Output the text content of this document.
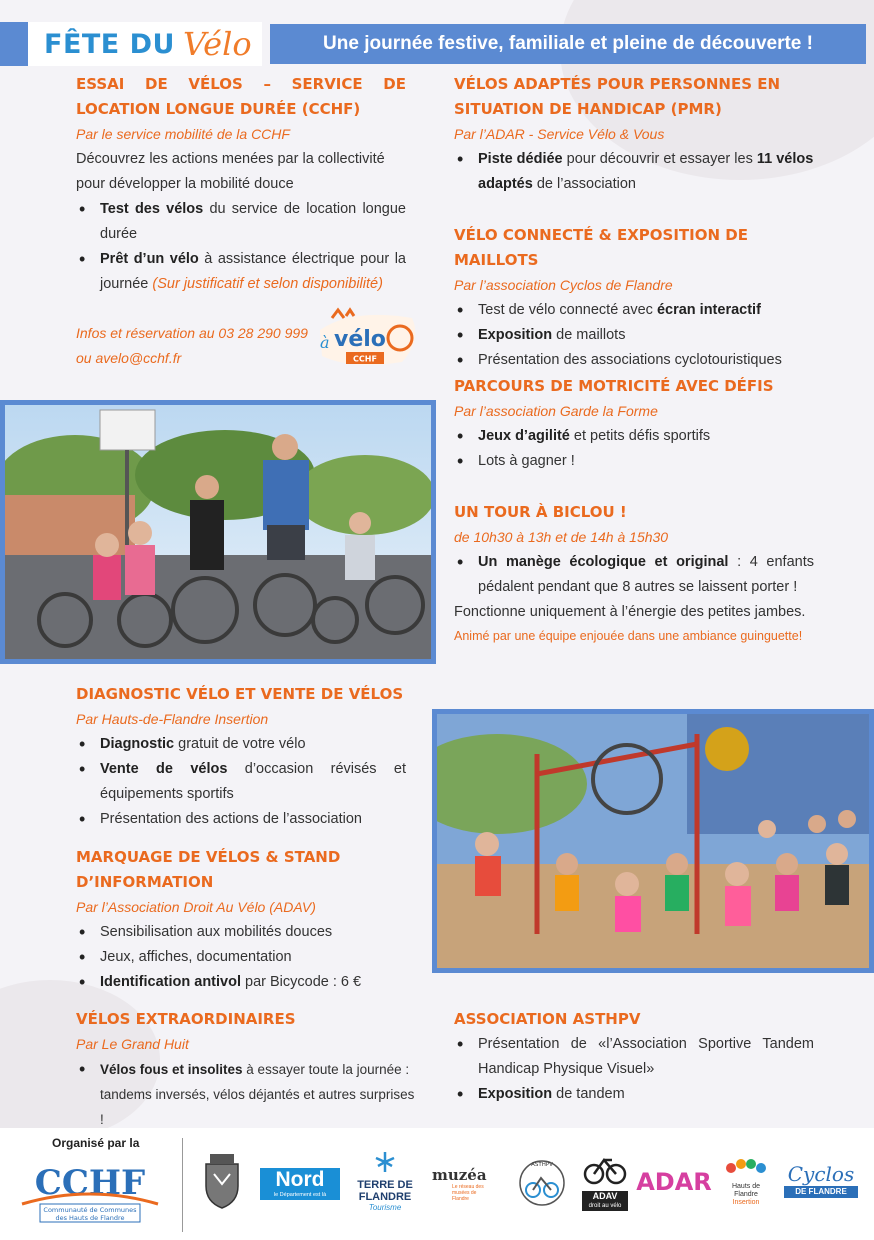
FÊTE DU Vélo	Une journée festive, familiale et pleine de découverte !
ESSAI DE VÉLOS – SERVICE DE LOCATION LONGUE DURÉE (CCHF)
Par le service mobilité de la CCHF

Découvrez les actions menées par la collectivité pour développer la mobilité douce

• Test des vélos du service de location longue durée
• Prêt d’un vélo à assistance électrique pour la journée (Sur justificatif et selon disponibilité)
Infos et réservation au 03 28 290 999
ou avelo@cchf.fr
à vélo
CCHF
VÉLOS ADAPTÉS POUR PERSONNES EN SITUATION DE HANDICAP (PMR)
Par l’ADAR - Service Vélo & Vous
• Piste dédiée pour découvrir et essayer les 11 vélos adaptés de l’association
VÉLO CONNECTÉ & EXPOSITION DE MAILLOTS
Par l’association Cyclos de Flandre
• Test de vélo connecté avec écran interactif
• Exposition de maillots
• Présentation des associations cyclotouristiques
PARCOURS DE MOTRICITÉ AVEC DÉFIS
Par l’association Garde la Forme
• Jeux d’agilité et petits défis sportifs
• Lots à gagner !
UN TOUR À BICLOU !
de 10h30 à 13h et de 14h à 15h30
• Un manège écologique et original : 4 enfants pédalent pendant que 8 autres se laissent porter !

Fonctionne uniquement à l’énergie des petites jambes.

Animé par une équipe enjouée dans une ambiance guinguette!
DIAGNOSTIC VÉLO ET VENTE DE VÉLOS
Par Hauts-de-Flandre Insertion
• Diagnostic gratuit de votre vélo
• Vente de vélos d’occasion révisés et équipements sportifs
• Présentation des actions de l’association
MARQUAGE DE VÉLOS & STAND D’INFORMATION
Par l’Association Droit Au Vélo (ADAV)
• Sensibilisation aux mobilités douces
• Jeux, affiches, documentation
• Identification antivol par Bicycode : 6 €
VÉLOS EXTRAORDINAIRES
Par Le Grand Huit
• Vélos fous et insolites à essayer toute la journée : tandems inversés, vélos déjantés et autres surprises !
ASSOCIATION ASTHPV
• Présentation de «l’Association Sportive Tandem Handicap Physique Visuel»
• Exposition de tandem
Organisé par la
CCHF
Communauté de Communes
des Hauts de Flandre
Nord
le Département est là
TERRE DE
FLANDRE
Tourisme
muzéa
Le réseau des musées de Flandre
ASTHPV
ADAV
droit au vélo
ADAR	Hauts de
Flandre
Insertion
Cyclos
DE FLANDRE
